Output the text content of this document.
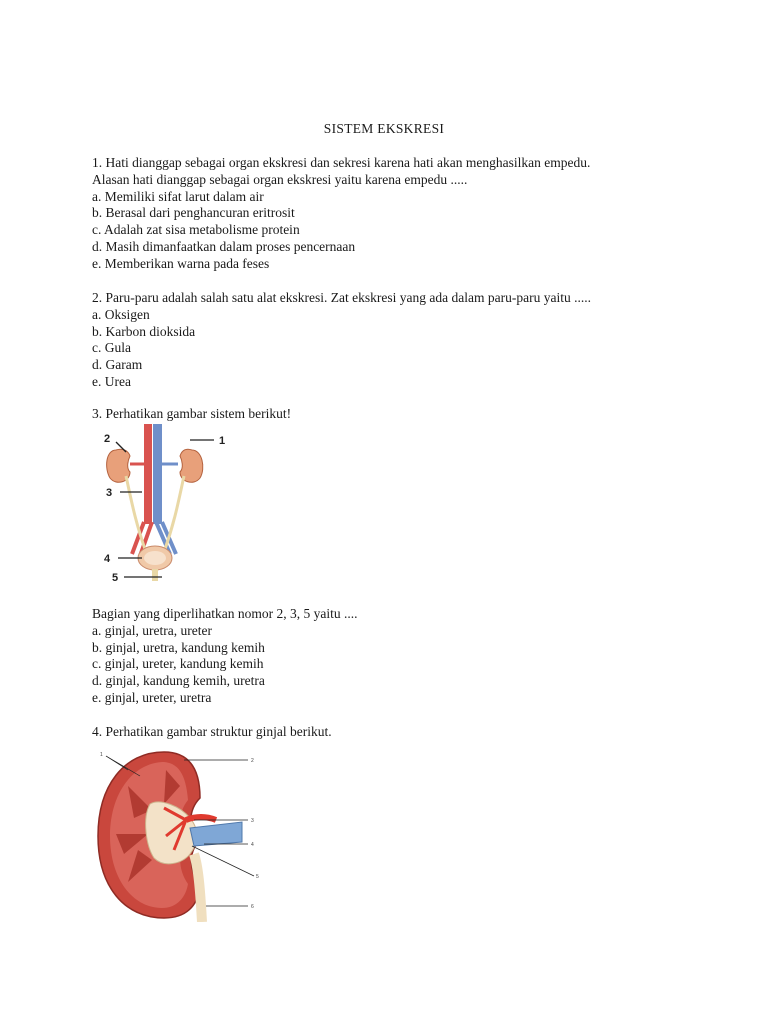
SISTEM EKSKRESI
1. Hati dianggap sebagai organ ekskresi dan sekresi karena hati akan menghasilkan empedu.
Alasan hati dianggap sebagai organ ekskresi yaitu karena empedu .....
a. Memiliki sifat larut dalam air
b. Berasal dari penghancuran eritrosit
c. Adalah zat sisa metabolisme protein
d. Masih dimanfaatkan dalam proses pencernaan
e. Memberikan warna pada feses
2. Paru-paru adalah salah satu alat ekskresi. Zat ekskresi yang ada dalam paru-paru yaitu .....
a. Oksigen
b. Karbon dioksida
c. Gula
d. Garam
e. Urea
3. Perhatikan gambar sistem berikut!
1
2
3
4
5
Bagian yang diperlihatkan nomor 2, 3, 5 yaitu ....
a. ginjal, uretra, ureter
b. ginjal, uretra, kandung kemih
c. ginjal, ureter, kandung kemih
d. ginjal, kandung kemih, uretra
e. ginjal, ureter, uretra
4. Perhatikan gambar struktur ginjal berikut.
1
2
3
4
5
6
